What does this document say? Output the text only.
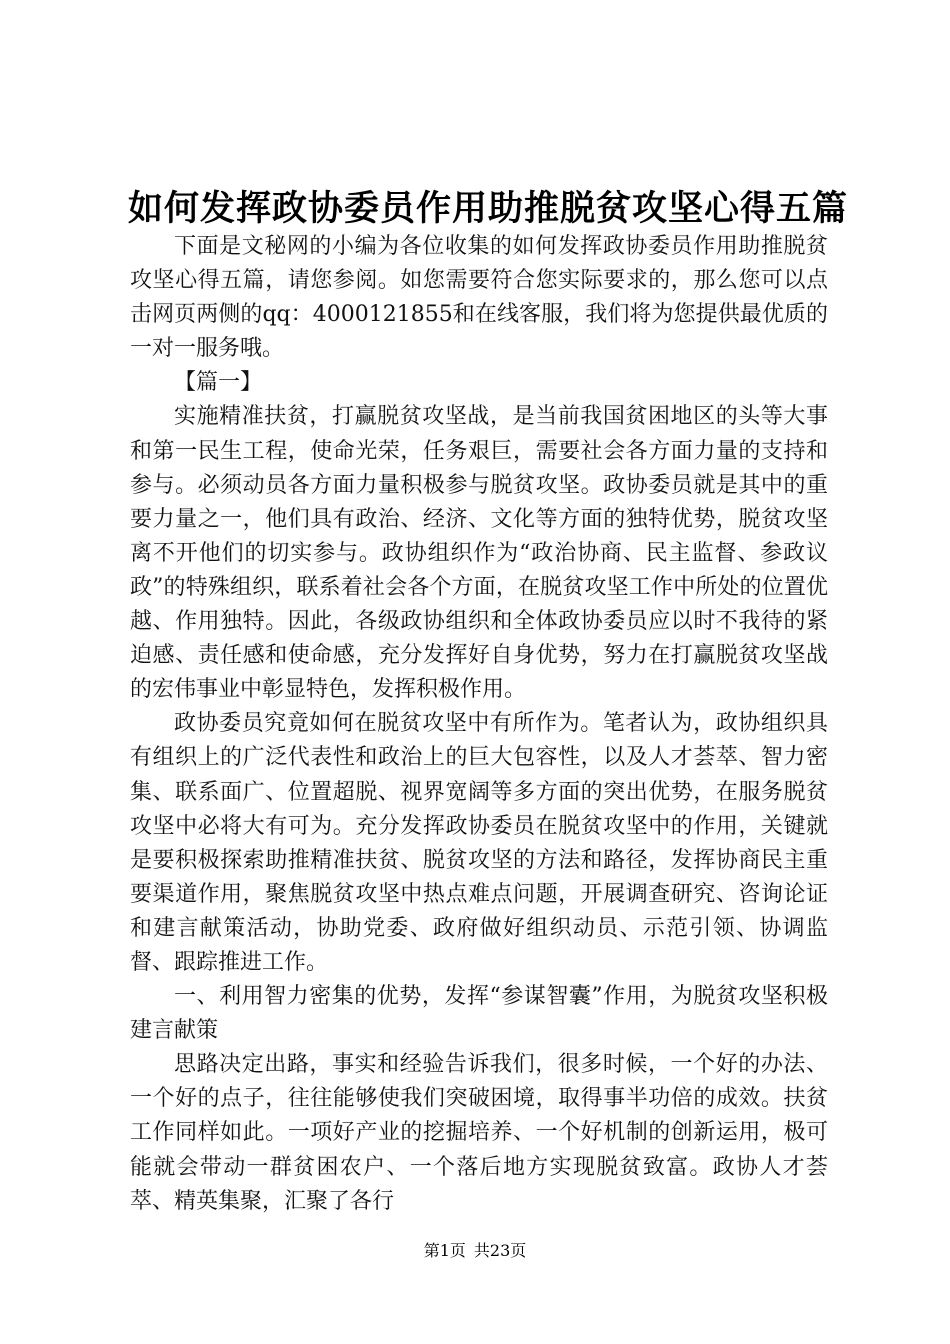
如何发挥政协委员作用助推脱贫攻坚心得五篇

下面是文秘网的小编为各位收集的如何发挥政协委员作用助推脱贫攻坚心得五篇，请您参阅。如您需要符合您实际要求的，那么您可以点击网页两侧的qq：4000121855和在线客服，我们将为您提供最优质的一对一服务哦。

【篇一】

实施精准扶贫，打赢脱贫攻坚战，是当前我国贫困地区的头等大事和第一民生工程，使命光荣，任务艰巨，需要社会各方面力量的支持和参与。必须动员各方面力量积极参与脱贫攻坚。政协委员就是其中的重要力量之一，他们具有政治、经济、文化等方面的独特优势，脱贫攻坚离不开他们的切实参与。政协组织作为“政治协商、民主监督、参政议政”的特殊组织，联系着社会各个方面，在脱贫攻坚工作中所处的位置优越、作用独特。因此，各级政协组织和全体政协委员应以时不我待的紧迫感、责任感和使命感，充分发挥好自身优势，努力在打赢脱贫攻坚战的宏伟事业中彰显特色，发挥积极作用。

政协委员究竟如何在脱贫攻坚中有所作为。笔者认为，政协组织具有组织上的广泛代表性和政治上的巨大包容性，以及人才荟萃、智力密集、联系面广、位置超脱、视界宽阔等多方面的突出优势，在服务脱贫攻坚中必将大有可为。充分发挥政协委员在脱贫攻坚中的作用，关键就是要积极探索助推精准扶贫、脱贫攻坚的方法和路径，发挥协商民主重要渠道作用，聚焦脱贫攻坚中热点难点问题，开展调查研究、咨询论证和建言献策活动，协助党委、政府做好组织动员、示范引领、协调监督、跟踪推进工作。

一、利用智力密集的优势，发挥“参谋智囊”作用，为脱贫攻坚积极建言献策

思路决定出路，事实和经验告诉我们，很多时候，一个好的办法、一个好的点子，往往能够使我们突破困境，取得事半功倍的成效。扶贫工作同样如此。一项好产业的挖掘培养、一个好机制的创新运用，极可能就会带动一群贫困农户、一个落后地方实现脱贫致富。政协人才荟萃、精英集聚，汇聚了各行

第1页 共23页
